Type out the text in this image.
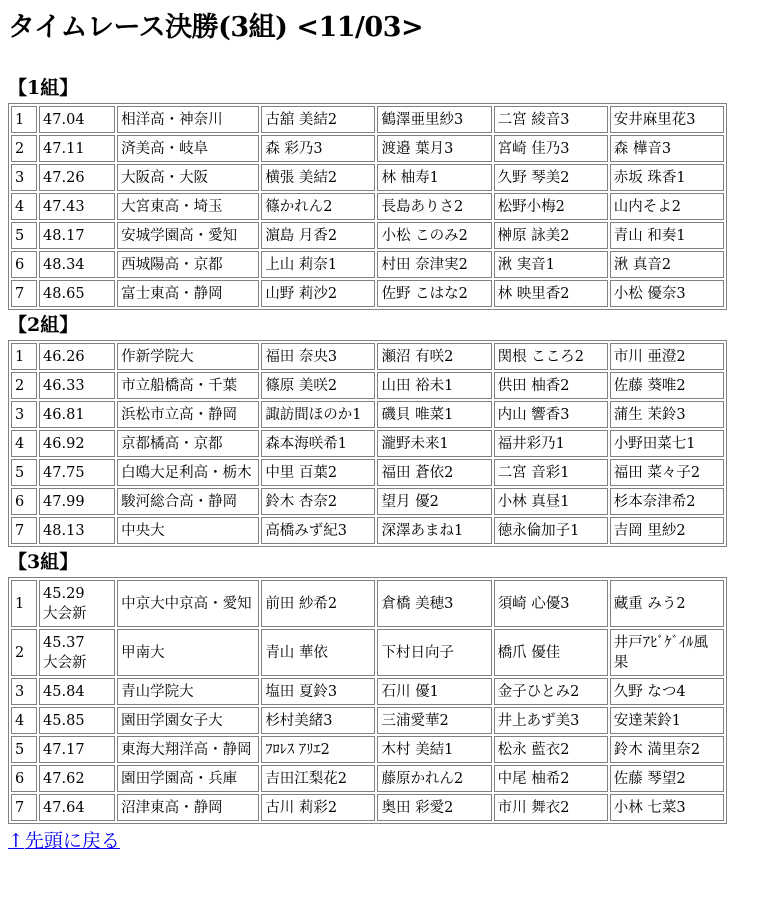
タイムレース決勝(3組) <11/03>
【1組】
1	47.04	相洋高・神奈川	古舘 美結2	鶴澤亜里紗3	二宮 綾音3	安井麻里花3
2	47.11	済美高・岐阜	森 彩乃3	渡邉 葉月3	宮崎 佳乃3	森 樺音3
3	47.26	大阪高・大阪	横張 美結2	林 柚寿1	久野 琴美2	赤坂 珠香1
4	47.43	大宮東高・埼玉	篠かれん2	長島ありさ2	松野小梅2	山内そよ2
5	48.17	安城学園高・愛知	濵島 月香2	小松 このみ2	榊原 詠美2	青山 和奏1
6	48.34	西城陽高・京都	上山 莉奈1	村田 奈津実2	湫 実音1	湫 真音2
7	48.65	富士東高・静岡	山野 莉沙2	佐野 こはな2	林 映里香2	小松 優奈3
【2組】
1	46.26	作新学院大	福田 奈央3	瀬沼 有咲2	関根 こころ2	市川 亜澄2
2	46.33	市立船橋高・千葉	篠原 美咲2	山田 裕未1	供田 柚香2	佐藤 葵唯2
3	46.81	浜松市立高・静岡	諏訪間ほのか1	磯貝 唯菜1	内山 響香3	蒲生 茉鈴3
4	46.92	京都橘高・京都	森本海咲希1	瀧野未来1	福井彩乃1	小野田菜七1
5	47.75	白鴎大足利高・栃木	中里 百葉2	福田 蒼依2	二宮 音彩1	福田 菜々子2
6	47.99	駿河総合高・静岡	鈴木 杏奈2	望月 優2	小林 真昼1	杉本奈津希2
7	48.13	中央大	高橋みず紀3	深澤あまね1	徳永倫加子1	吉岡 里紗2
【3組】
1	45.29
大会新	中京大中京高・愛知	前田 紗希2	倉橋 美穂3	須崎 心優3	藏重 みう2
2	45.37
大会新	甲南大	青山 華依	下村日向子	橋爪 優佳	井戸ｱﾋﾞｹﾞｲﾙ風果
3	45.84	青山学院大	塩田 夏鈴3	石川 優1	金子ひとみ2	久野 なつ4
4	45.85	園田学園女子大	杉村美緒3	三浦愛華2	井上あず美3	安達茉鈴1
5	47.17	東海大翔洋高・静岡	ﾌﾛﾚｽ ｱﾘｴ2	木村 美結1	松永 藍衣2	鈴木 満里奈2
6	47.62	園田学園高・兵庫	吉田江梨花2	藤原かれん2	中尾 柚希2	佐藤 琴望2
7	47.64	沼津東高・静岡	古川 莉彩2	奥田 彩愛2	市川 舞衣2	小林 七菜3
↑先頭に戻る
